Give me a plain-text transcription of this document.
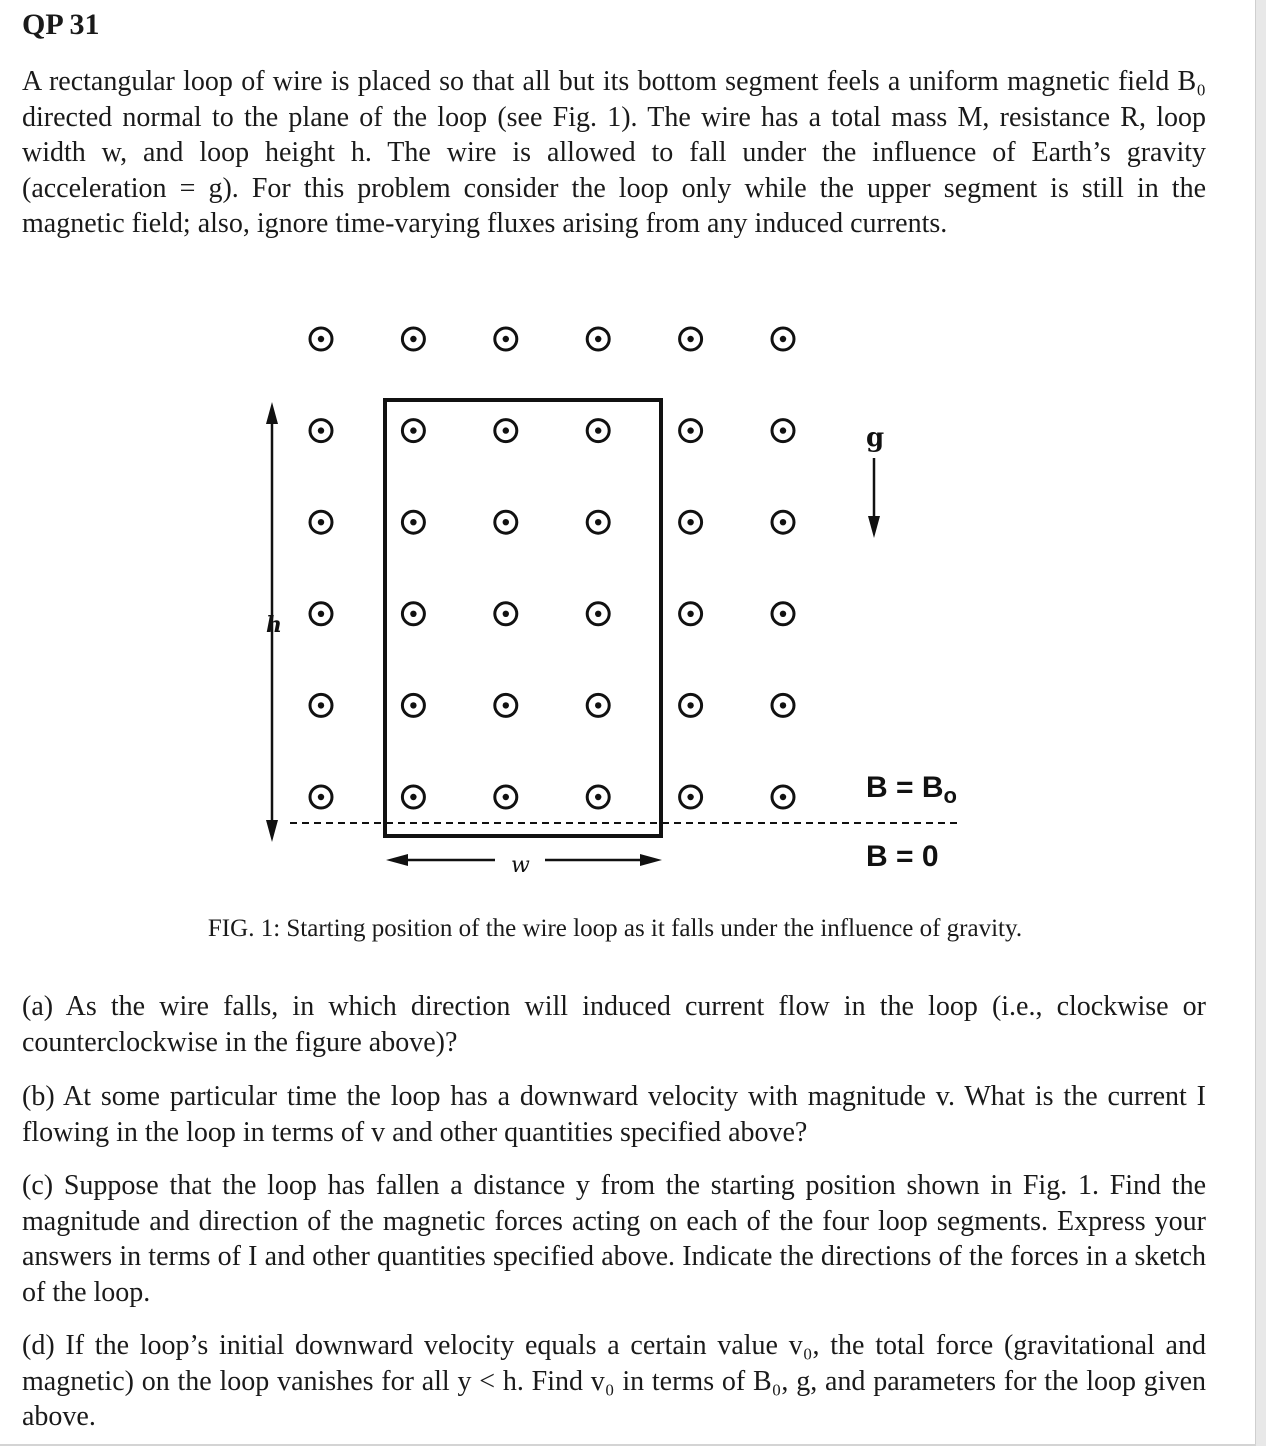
QP 31

A rectangular loop of wire is placed so that all but its bottom segment feels a uniform magnetic field B₀ directed normal to the plane of the loop (see Fig. 1). The wire has a total mass M, resistance R, loop width w, and loop height h. The wire is allowed to fall under the influence of Earth’s gravity (acceleration = g). For this problem consider the loop only while the upper segment is still in the magnetic field; also, ignore time-varying fluxes arising from any induced currents.

h
w
g
$B = B_o$
B = 0
FIG. 1: Starting position of the wire loop as it falls under the influence of gravity.

(a) As the wire falls, in which direction will induced current flow in the loop (i.e., clockwise or counterclockwise in the figure above)?

(b) At some particular time the loop has a downward velocity with magnitude v. What is the current I flowing in the loop in terms of v and other quantities specified above?

(c) Suppose that the loop has fallen a distance y from the starting position shown in Fig. 1. Find the magnitude and direction of the magnetic forces acting on each of the four loop segments. Express your answers in terms of I and other quantities specified above. Indicate the directions of the forces in a sketch of the loop.

(d) If the loop’s initial downward velocity equals a certain value v₀, the total force (gravitational and magnetic) on the loop vanishes for all y < h. Find v₀ in terms of B₀, g, and parameters for the loop given above.
